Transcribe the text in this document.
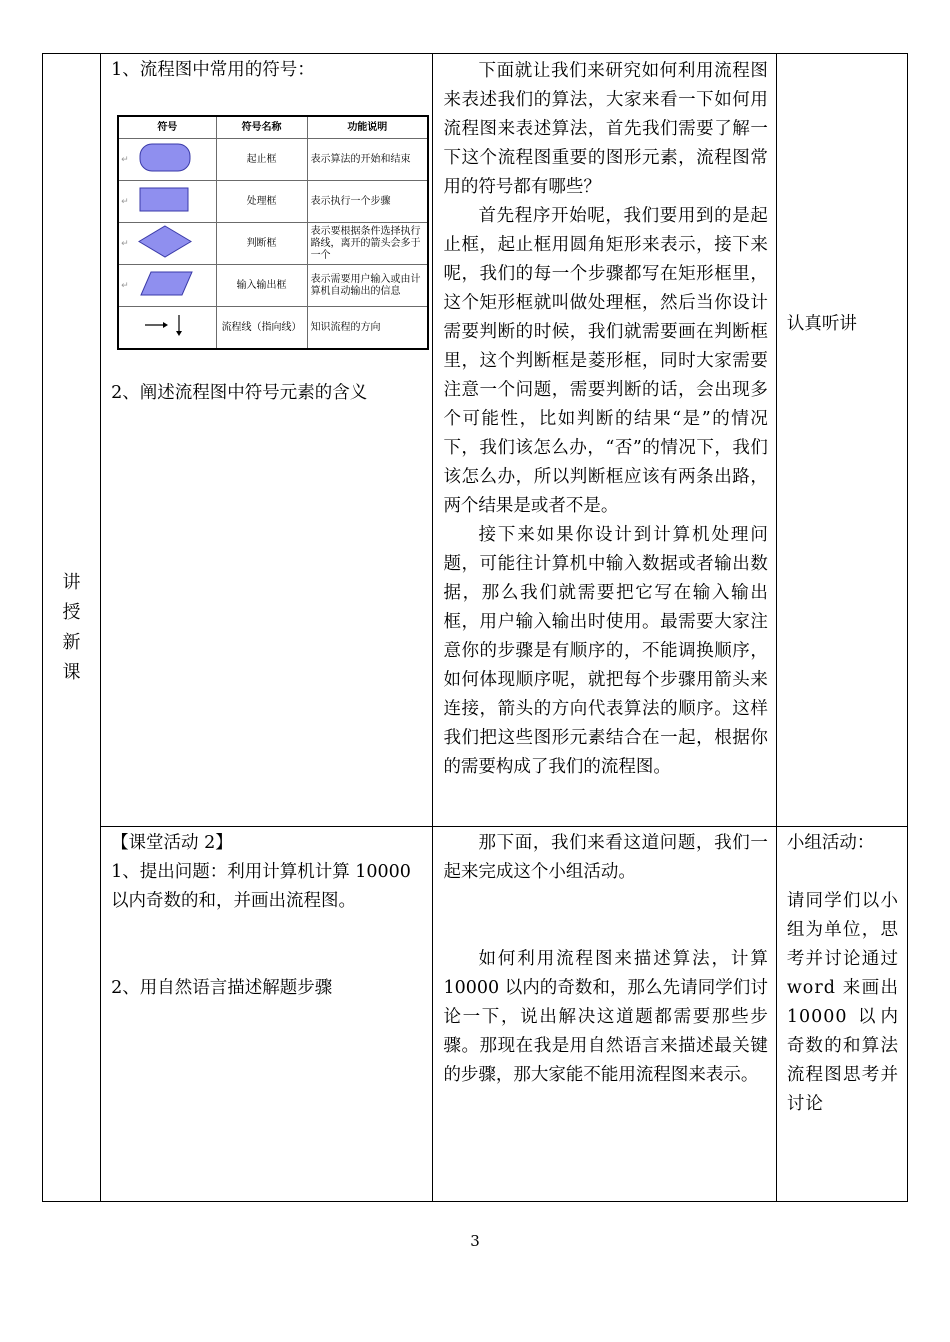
讲
授
新
课

1、流程图中常用的符号：

符号	符号名称	功能说明

↵	起止框	表示算法的开始和结束

↵	处理框	表示执行一个步骤

↵	判断框	表示要根据条件选择执行路线，离开的箭头会多于一个

↵	输入输出框	表示需要用户输入或由计算机自动输出的信息
	流程线（指向线）	知识流程的方向

2、阐述流程图中符号元素的含义

下面就让我们来研究如何利用流程图来表述我们的算法，大家来看一下如何用流程图来表述算法，首先我们需要了解一下这个流程图重要的图形元素，流程图常用的符号都有哪些？

首先程序开始呢，我们要用到的是起止框，起止框用圆角矩形来表示，接下来呢，我们的每一个步骤都写在矩形框里，这个矩形框就叫做处理框，然后当你设计需要判断的时候，我们就需要画在判断框里，这个判断框是菱形框，同时大家需要注意一个问题，需要判断的话，会出现多个可能性，比如判断的结果“是”的情况下，我们该怎么办，“否”的情况下，我们该怎么办，所以判断框应该有两条出路，两个结果是或者不是。

接下来如果你设计到计算机处理问题，可能往计算机中输入数据或者输出数据，那么我们就需要把它写在输入输出框，用户输入输出时使用。最需要大家注意你的步骤是有顺序的，不能调换顺序，如何体现顺序呢，就把每个步骤用箭头来连接，箭头的方向代表算法的顺序。这样我们把这些图形元素结合在一起，根据你的需要构成了我们的流程图。

认真听讲

【课堂活动 2】

1、提出问题：利用计算机计算 10000以内奇数的和，并画出流程图。

2、用自然语言描述解题步骤

那下面，我们来看这道问题，我们一起来完成这个小组活动。

如何利用流程图来描述算法，计算 10000 以内的奇数和，那么先请同学们讨论一下，说出解决这道题都需要那些步骤。那现在我是用自然语言来描述最关键的步骤，那大家能不能用流程图来表示。

小组活动：

请同学们以小组为单位，思考并讨论通过 word 来画出 10000 以内奇数的和算法流程图思考并讨论

3
